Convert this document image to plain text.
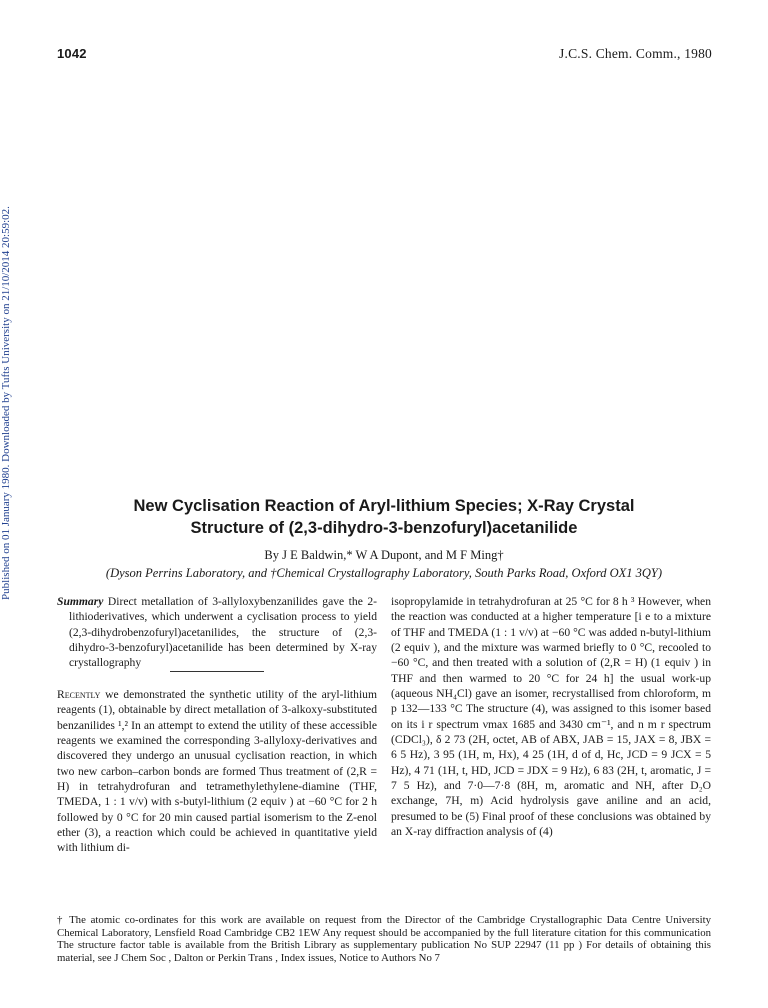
1042	J.C.S. Chem. Comm., 1980
Published on 01 January 1980. Downloaded by Tufts University on 21/10/2014 20:59:02.	New Cyclisation Reaction of Aryl-lithium Species; X-Ray Crystal
Structure of (2,3-dihydro-3-benzofuryl)acetanilide
By J E Baldwin,* W A Dupont, and M F Ming†
(Dyson Perrins Laboratory, and †Chemical Crystallography Laboratory, South Parks Road, Oxford OX1 3QY)
Summary Direct metallation of 3-allyloxybenzanilides gave the 2-lithioderivatives, which underwent a cyclisation process to yield (2,3-dihydrobenzofuryl)acetanilides, the structure of (2,3-dihydro-3-benzofuryl)acetanilide has been determined by X-ray crystallography
Recently we demonstrated the synthetic utility of the aryl-lithium reagents (1), obtainable by direct metallation of 3-alkoxy-substituted benzanilides ¹,² In an attempt to extend the utility of these accessible reagents we examined the corresponding 3-allyloxy-derivatives and discovered they undergo an unusual cyclisation reaction, in which two new carbon–carbon bonds are formed Thus treatment of (2,R = H) in tetrahydrofuran and tetramethylethylene-diamine (THF, TMEDA, 1 : 1 v/v) with s-butyl-lithium (2 equiv ) at −60 °C for 2 h followed by 0 °C for 20 min caused partial isomerism to the Z-enol ether (3), a reaction which could be achieved in quantitative yield with lithium di-
isopropylamide in tetrahydrofuran at 25 °C for 8 h ³ However, when the reaction was conducted at a higher temperature [i e to a mixture of THF and TMEDA (1 : 1 v/v) at −60 °C was added n-butyl-lithium (2 equiv ), and the mixture was warmed briefly to 0 °C, recooled to −60 °C, and then treated with a solution of (2,R = H) (1 equiv ) in THF and then warmed to 20 °C for 24 h] the usual work-up (aqueous NH₄Cl) gave an isomer, recrystallised from chloroform, m p 132—133 °C The structure (4), was assigned to this isomer based on its i r spectrum νmax 1685 and 3430 cm⁻¹, and n m r spectrum (CDCl₃), δ 2 73 (2H, octet, AB of ABX, JAB = 15, JAX = 8, JBX = 6 5 Hz), 3 95 (1H, m, Hx), 4 25 (1H, d of d, Hc, JCD = 9 JCX = 5 Hz), 4 71 (1H, t, HD, JCD = JDX = 9 Hz), 6 83 (2H, t, aromatic, J = 7 5 Hz), and 7·0—7·8 (8H, m, aromatic and NH, after D₂O exchange, 7H, m) Acid hydrolysis gave aniline and an acid, presumed to be (5) Final proof of these conclusions was obtained by an X-ray diffraction analysis of (4)
† The atomic co-ordinates for this work are available on request from the Director of the Cambridge Crystallographic Data Centre University Chemical Laboratory, Lensfield Road Cambridge CB2 1EW Any request should be accompanied by the full literature citation for this communication The structure factor table is available from the British Library as supplementary publication No SUP 22947 (11 pp ) For details of obtaining this material, see J Chem Soc , Dalton or Perkin Trans , Index issues, Notice to Authors No 7
